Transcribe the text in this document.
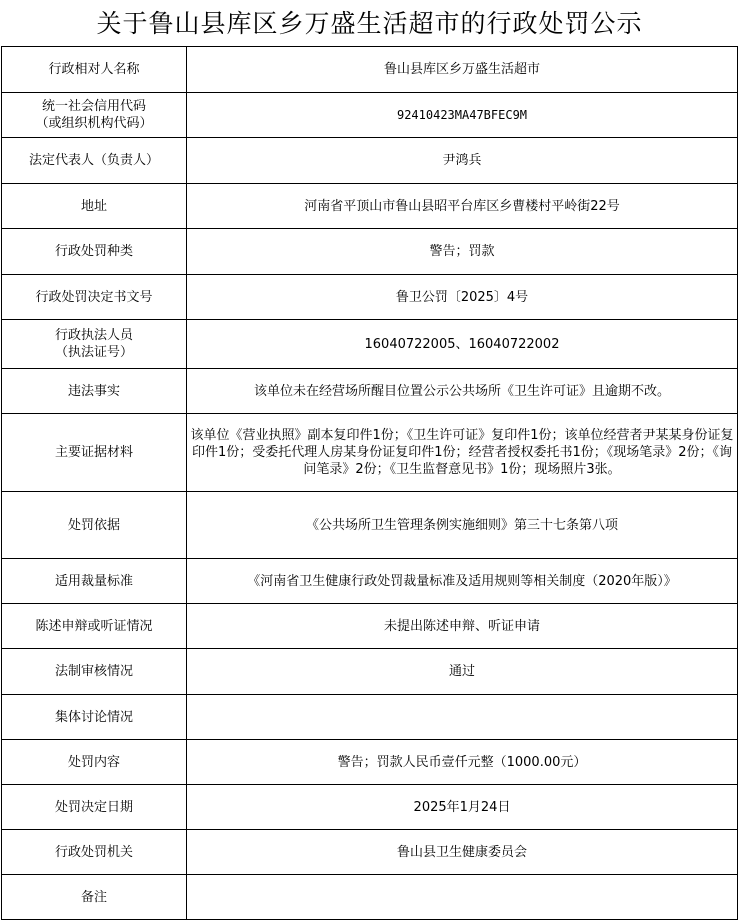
关于鲁山县库区乡万盛生活超市的行政处罚公示
行政相对人名称	鲁山县库区乡万盛生活超市
统一社会信用代码
（或组织机构代码）	92410423MA47BFEC9M
法定代表人（负责人）	尹鸿兵
地址	河南省平顶山市鲁山县昭平台库区乡曹楼村平岭街22号
行政处罚种类	警告；罚款
行政处罚决定书文号	鲁卫公罚〔2025〕4号
行政执法人员
（执法证号）	16040722005、16040722002
违法事实	该单位未在经营场所醒目位置公示公共场所《卫生许可证》且逾期不改。
主要证据材料	该单位《营业执照》副本复印件1份；《卫生许可证》复印件1份；该单位经营者尹某某身份证复印件1份；受委托代理人房某身份证复印件1份；经营者授权委托书1份；《现场笔录》2份；《询问笔录》2份；《卫生监督意见书》1份；现场照片3张。
处罚依据	《公共场所卫生管理条例实施细则》第三十七条第八项
适用裁量标准	《河南省卫生健康行政处罚裁量标准及适用规则等相关制度（2020年版）》
陈述申辩或听证情况	未提出陈述申辩、听证申请
法制审核情况	通过
集体讨论情况	
处罚内容	警告；罚款人民币壹仟元整（1000.00元）
处罚决定日期	2025年1月24日
行政处罚机关	鲁山县卫生健康委员会
备注	
